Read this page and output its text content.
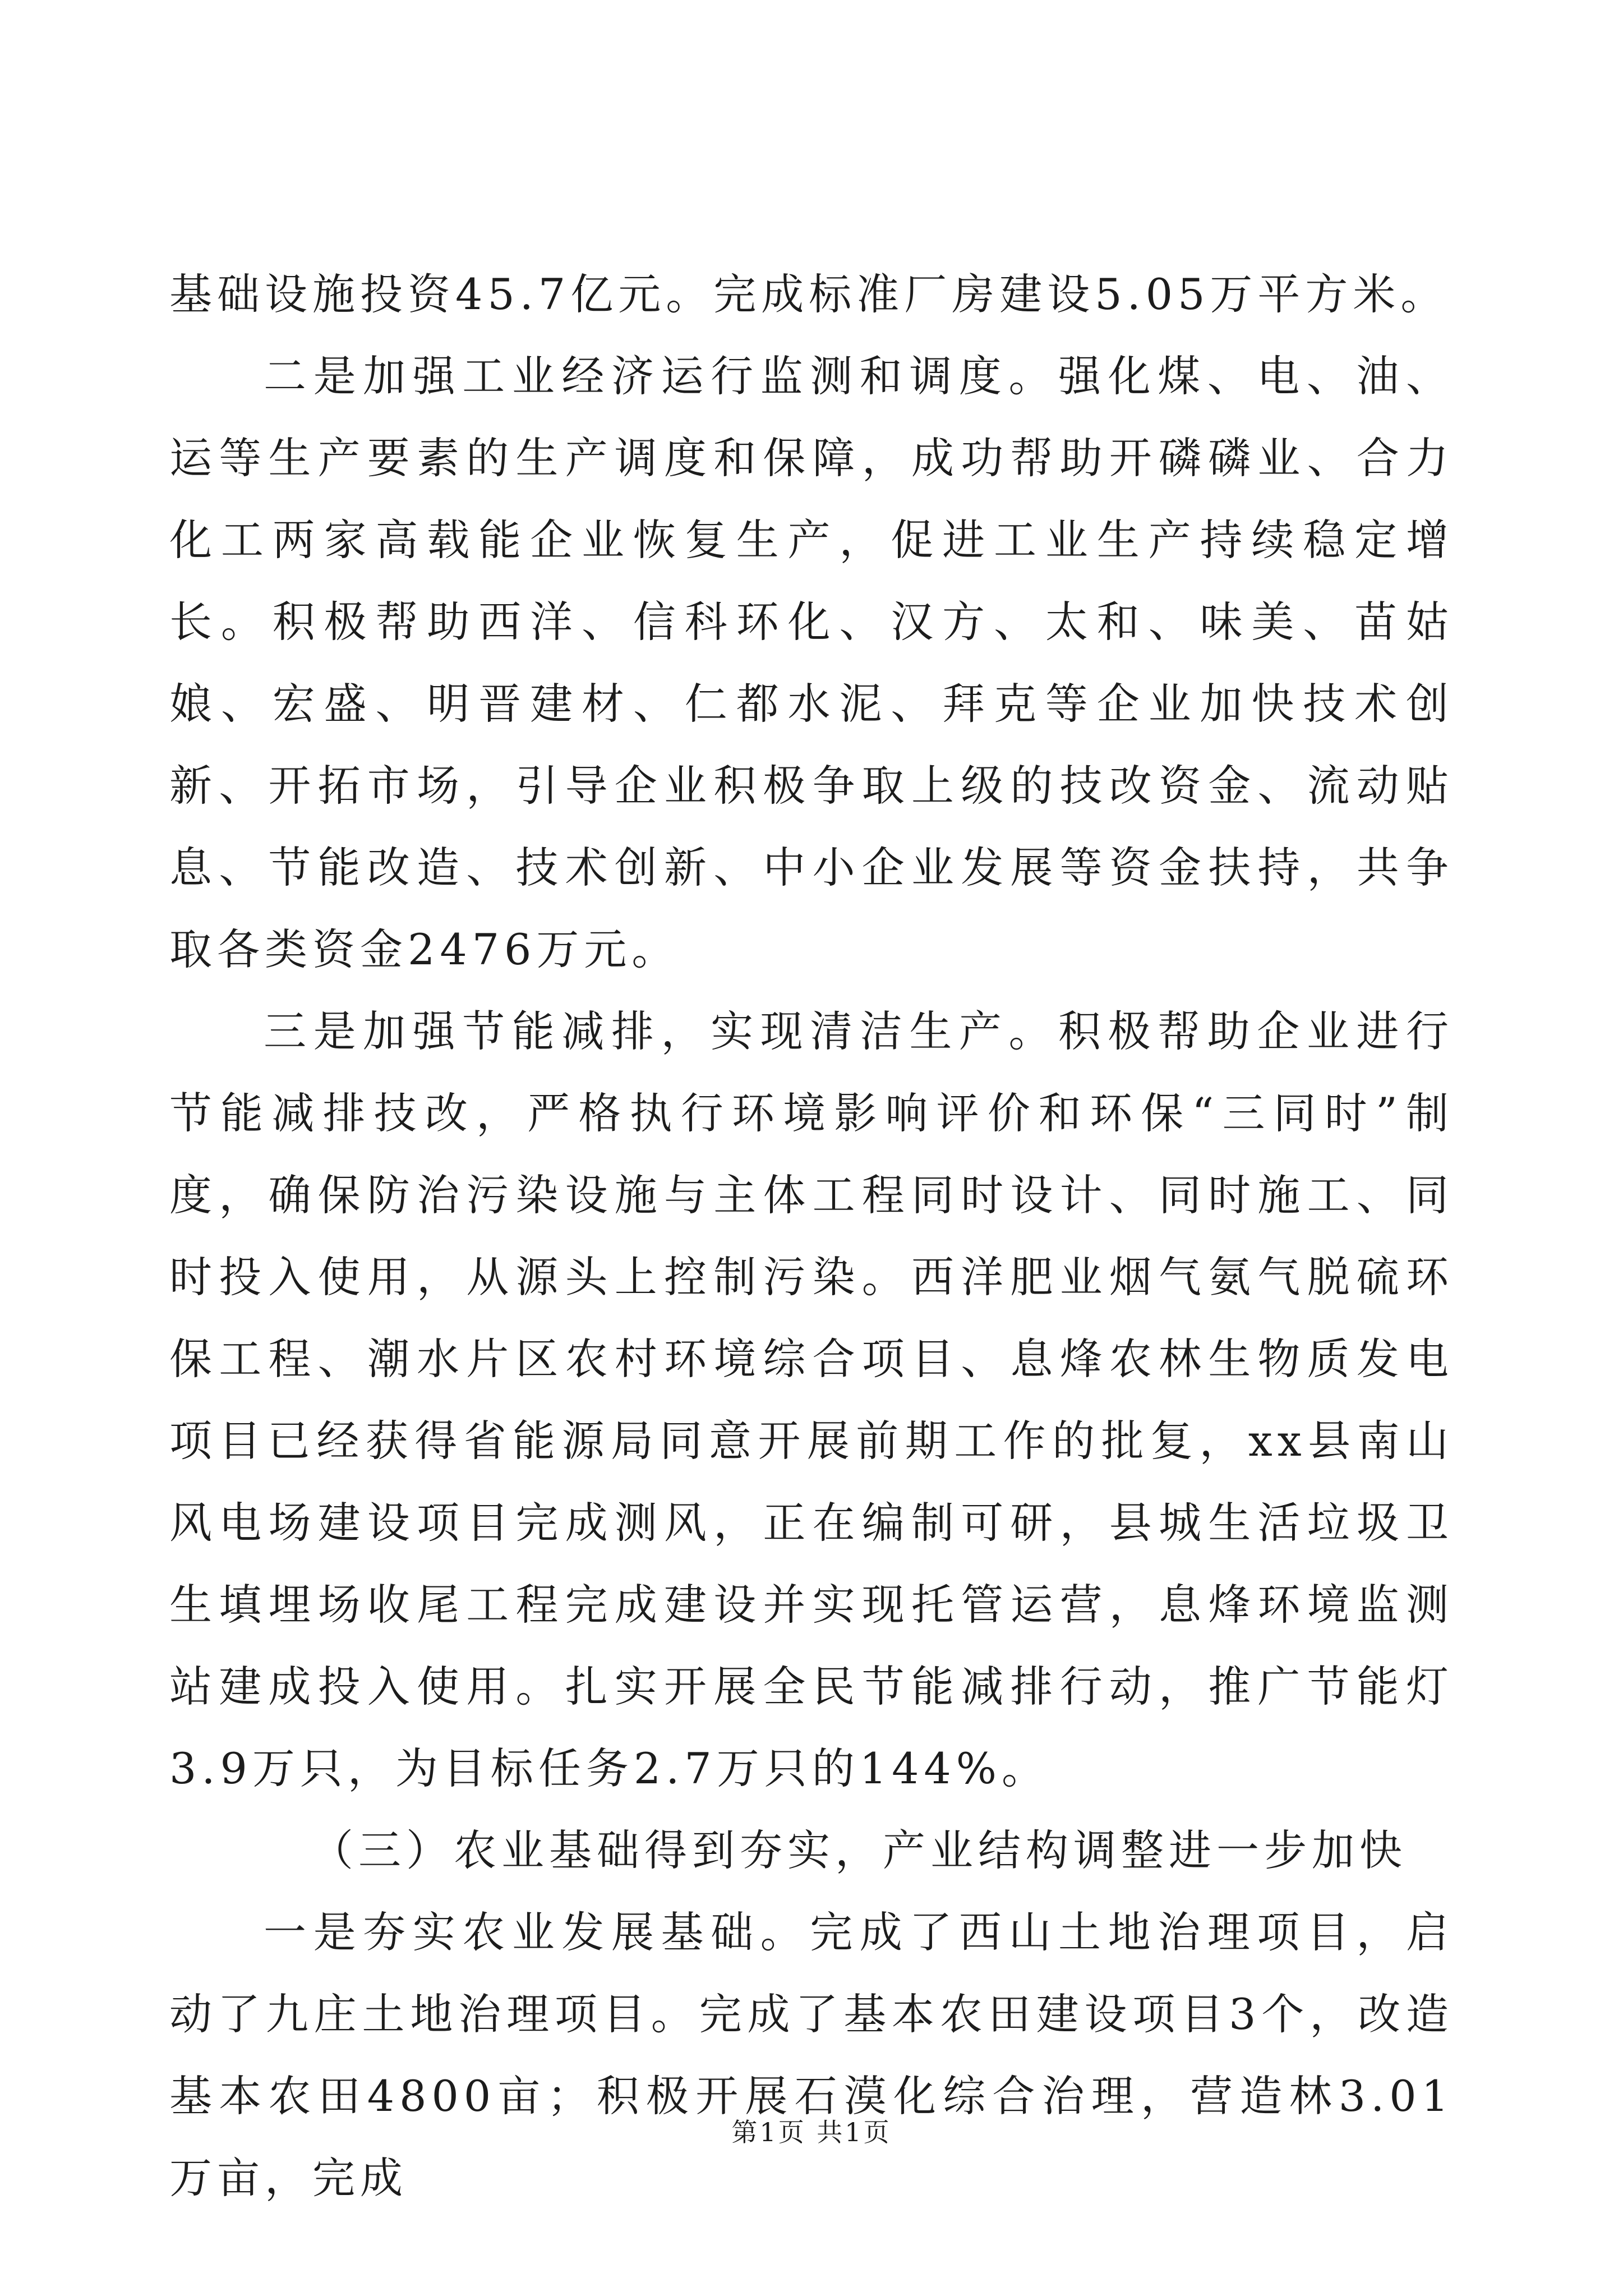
基础设施投资45.7亿元。完成标准厂房建设5.05万平方米。

二是加强工业经济运行监测和调度。强化煤、电、油、运等生产要素的生产调度和保障，成功帮助开磷磷业、合力化工两家高载能企业恢复生产，促进工业生产持续稳定增长。积极帮助西洋、信科环化、汉方、太和、味美、苗姑娘、宏盛、明晋建材、仁都水泥、拜克等企业加快技术创新、开拓市场，引导企业积极争取上级的技改资金、流动贴息、节能改造、技术创新、中小企业发展等资金扶持，共争取各类资金2476万元。

三是加强节能减排，实现清洁生产。积极帮助企业进行节能减排技改，严格执行环境影响评价和环保“三同时”制度，确保防治污染设施与主体工程同时设计、同时施工、同时投入使用，从源头上控制污染。西洋肥业烟气氨气脱硫环保工程、潮水片区农村环境综合项目、息烽农林生物质发电项目已经获得省能源局同意开展前期工作的批复，xx县南山风电场建设项目完成测风，正在编制可研，县城生活垃圾卫生填埋场收尾工程完成建设并实现托管运营，息烽环境监测站建成投入使用。扎实开展全民节能减排行动，推广节能灯3.9万只，为目标任务2.7万只的144%。

（三）农业基础得到夯实，产业结构调整进一步加快

一是夯实农业发展基础。完成了西山土地治理项目，启动了九庄土地治理项目。完成了基本农田建设项目3个，改造基本农田4800亩；积极开展石漠化综合治理，营造林3.01万亩，完成

第1页 共1页
